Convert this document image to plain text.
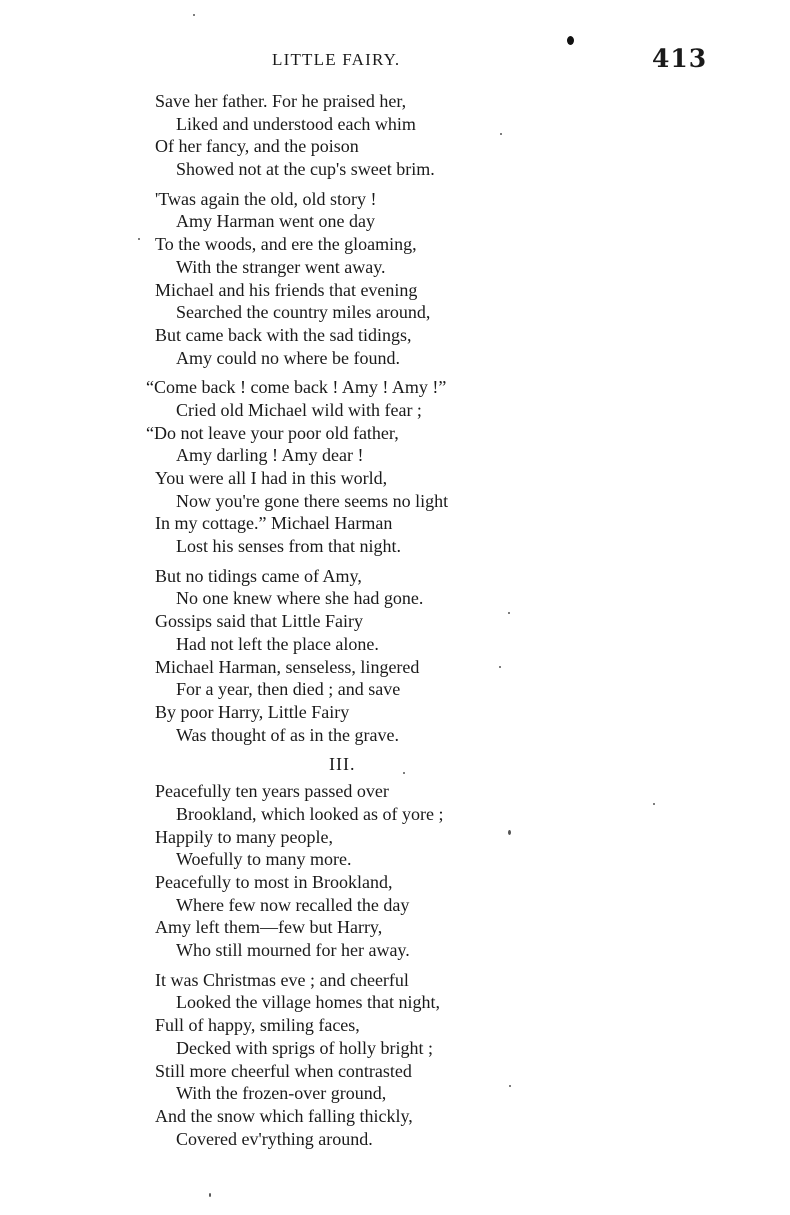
LITTLE FAIRY.	413
Save her father. For he praised her,
Liked and understood each whim
Of her fancy, and the poison
Showed not at the cup's sweet brim.
'Twas again the old, old story !
Amy Harman went one day
To the woods, and ere the gloaming,
With the stranger went away.
Michael and his friends that evening
Searched the country miles around,
But came back with the sad tidings,
Amy could no where be found.
“Come back ! come back ! Amy ! Amy !”
Cried old Michael wild with fear ;
“Do not leave your poor old father,
Amy darling ! Amy dear !
You were all I had in this world,
Now you're gone there seems no light
In my cottage.” Michael Harman
Lost his senses from that night.
But no tidings came of Amy,
No one knew where she had gone.
Gossips said that Little Fairy
Had not left the place alone.
Michael Harman, senseless, lingered
For a year, then died ; and save
By poor Harry, Little Fairy
Was thought of as in the grave.
III.
Peacefully ten years passed over
Brookland, which looked as of yore ;
Happily to many people,
Woefully to many more.
Peacefully to most in Brookland,
Where few now recalled the day
Amy left them—few but Harry,
Who still mourned for her away.
It was Christmas eve ; and cheerful
Looked the village homes that night,
Full of happy, smiling faces,
Decked with sprigs of holly bright ;
Still more cheerful when contrasted
With the frozen-over ground,
And the snow which falling thickly,
Covered ev'rything around.
